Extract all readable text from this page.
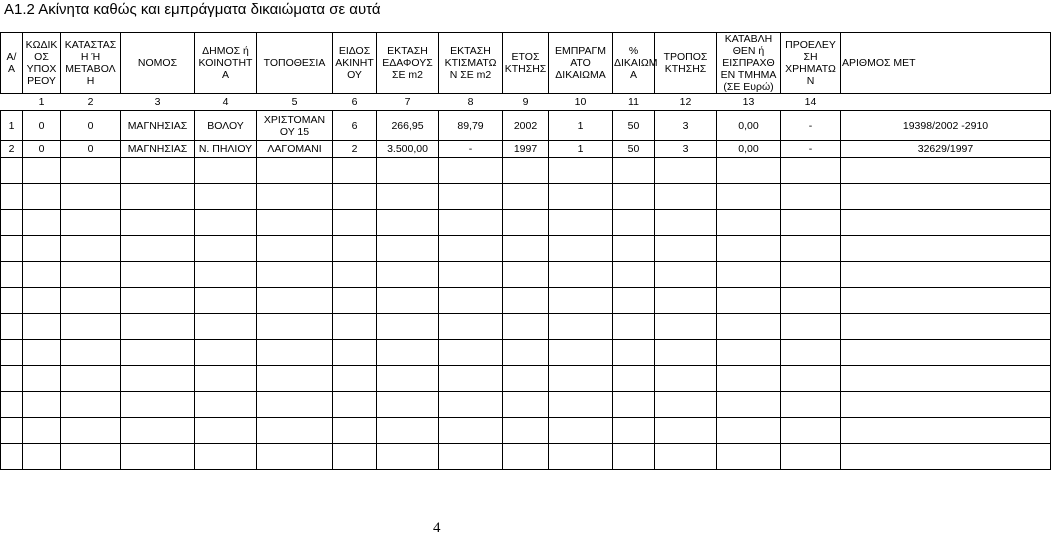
Α1.2 Ακίνητα καθώς και εμπράγματα δικαιώματα σε αυτά
Α/ Α	ΚΩΔΙΚ ΟΣ ΥΠΟΧ ΡΕΟΥ	ΚΑΤΑΣΤΑΣ Η Ή ΜΕΤΑΒΟΛ Η	ΝΟΜΟΣ	ΔΗΜΟΣ ή ΚΟΙΝΟΤΗΤ Α	ΤΟΠΟΘΕΣΙΑ	ΕΙΔΟΣ ΑΚΙΝΗΤ ΟΥ	ΕΚΤΑΣΗ ΕΔΑΦΟΥΣ ΣΕ m2	ΕΚΤΑΣΗ ΚΤΙΣΜΑΤΩ Ν ΣΕ m2	ΕΤΟΣ ΚΤΗΣΗΣ	ΕΜΠΡΑΓΜ ΑΤΟ ΔΙΚΑΙΩΜΑ	% ΔΙΚΑΙΩΜ Α	ΤΡΟΠΟΣ ΚΤΗΣΗΣ	ΚΑΤΑΒΛΗ ΘΕΝ ή ΕΙΣΠΡΑΧΘ ΕΝ ΤΜΗΜΑ (ΣΕ Ευρώ)	ΠΡΟΕΛΕΥ ΣΗ ΧΡΗΜΑΤΩ Ν	ΑΡΙΘΜΟΣ ΜΕΤ
	1	2	3	4	5	6	7	8	9	10	11	12	13	14	
1	0	0	ΜΑΓΝΗΣΙΑΣ	ΒΟΛΟΥ	ΧΡΙΣΤΟΜΑΝ ΟΥ 15	6	266,95	89,79	2002	1	50	3	0,00	-	19398/2002 -2910
2	0	0	ΜΑΓΝΗΣΙΑΣ	Ν. ΠΗΛΙΟΥ	ΛΑΓΟΜΑΝΙ	2	3.500,00	-	1997	1	50	3	0,00	-	32629/1997

4
